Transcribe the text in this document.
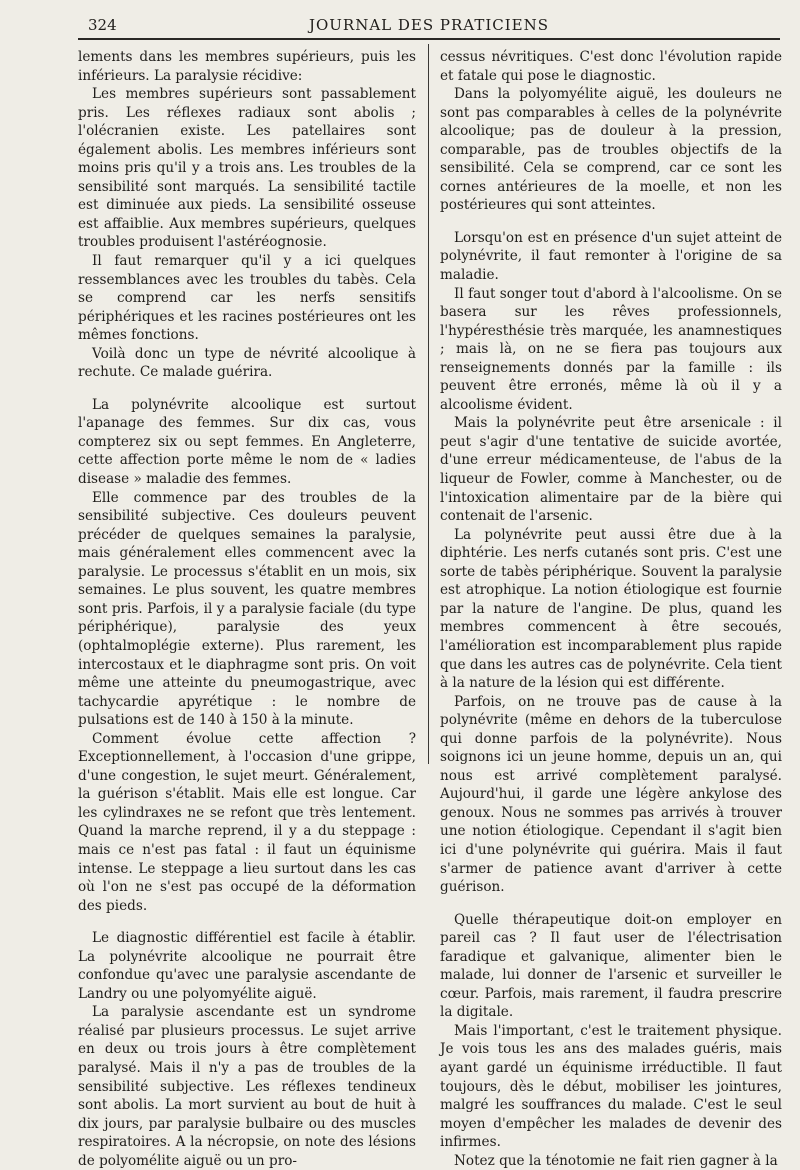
324	JOURNAL DES PRATICIENS

lements dans les membres supérieurs, puis les inférieurs. La paralysie récidive:

Les membres supérieurs sont passablement pris. Les réflexes radiaux sont abolis ; l'olécranien existe. Les patellaires sont également abolis. Les membres inférieurs sont moins pris qu'il y a trois ans. Les troubles de la sensibilité sont marqués. La sensibilité tactile est diminuée aux pieds. La sensibilité osseuse est affaiblie. Aux membres supérieurs, quelques troubles produisent l'astéréognosie.

Il faut remarquer qu'il y a ici quelques ressemblances avec les troubles du tabès. Cela se comprend car les nerfs sensitifs périphériques et les racines postérieures ont les mêmes fonctions.

Voilà donc un type de névrité alcoolique à rechute. Ce malade guérira.

La polynévrite alcoolique est surtout l'apanage des femmes. Sur dix cas, vous compterez six ou sept femmes. En Angleterre, cette affection porte même le nom de « ladies disease » maladie des femmes.

Elle commence par des troubles de la sensibilité subjective. Ces douleurs peuvent précéder de quelques semaines la paralysie, mais généralement elles commencent avec la paralysie. Le processus s'établit en un mois, six semaines. Le plus souvent, les quatre membres sont pris. Parfois, il y a paralysie faciale (du type périphérique), paralysie des yeux (ophtalmoplégie externe). Plus rarement, les intercostaux et le diaphragme sont pris. On voit même une atteinte du pneumogastrique, avec tachycardie apyrétique : le nombre de pulsations est de 140 à 150 à la minute.

Comment évolue cette affection ? Exceptionnellement, à l'occasion d'une grippe, d'une congestion, le sujet meurt. Généralement, la guérison s'établit. Mais elle est longue. Car les cylindraxes ne se refont que très lentement. Quand la marche reprend, il y a du steppage : mais ce n'est pas fatal : il faut un équinisme intense. Le steppage a lieu surtout dans les cas où l'on ne s'est pas occupé de la déformation des pieds.

Le diagnostic différentiel est facile à établir. La polynévrite alcoolique ne pourrait être confondue qu'avec une paralysie ascendante de Landry ou une polyomyélite aiguë.

La paralysie ascendante est un syndrome réalisé par plusieurs processus. Le sujet arrive en deux ou trois jours à être complètement paralysé. Mais il n'y a pas de troubles de la sensibilité subjective. Les réflexes tendineux sont abolis. La mort survient au bout de huit à dix jours, par paralysie bulbaire ou des muscles respiratoires. A la nécropsie, on note des lésions de polyomélite aiguë ou un pro-

cessus névritiques. C'est donc l'évolution rapide et fatale qui pose le diagnostic.

Dans la polyomyélite aiguë, les douleurs ne sont pas comparables à celles de la polynévrite alcoolique; pas de douleur à la pression, comparable, pas de troubles objectifs de la sensibilité. Cela se comprend, car ce sont les cornes antérieures de la moelle, et non les postérieures qui sont atteintes.

Lorsqu'on est en présence d'un sujet atteint de polynévrite, il faut remonter à l'origine de sa maladie.

Il faut songer tout d'abord à l'alcoolisme. On se basera sur les rêves professionnels, l'hypéresthésie très marquée, les anamnestiques ; mais là, on ne se fiera pas toujours aux renseignements donnés par la famille : ils peuvent être erronés, même là où il y a alcoolisme évident.

Mais la polynévrite peut être arsenicale : il peut s'agir d'une tentative de suicide avortée, d'une erreur médicamenteuse, de l'abus de la liqueur de Fowler, comme à Manchester, ou de l'intoxication alimentaire par de la bière qui contenait de l'arsenic.

La polynévrite peut aussi être due à la diphtérie. Les nerfs cutanés sont pris. C'est une sorte de tabès périphérique. Souvent la paralysie est atrophique. La notion étiologique est fournie par la nature de l'angine. De plus, quand les membres commencent à être secoués, l'amélioration est incomparablement plus rapide que dans les autres cas de polynévrite. Cela tient à la nature de la lésion qui est différente.

Parfois, on ne trouve pas de cause à la polynévrite (même en dehors de la tuberculose qui donne parfois de la polynévrite). Nous soignons ici un jeune homme, depuis un an, qui nous est arrivé complètement paralysé. Aujourd'hui, il garde une légère ankylose des genoux. Nous ne sommes pas arrivés à trouver une notion étiologique. Cependant il s'agit bien ici d'une polynévrite qui guérira. Mais il faut s'armer de patience avant d'arriver à cette guérison.

Quelle thérapeutique doit-on employer en pareil cas ? Il faut user de l'électrisation faradique et galvanique, alimenter bien le malade, lui donner de l'arsenic et surveiller le cœur. Parfois, mais rarement, il faudra prescrire la digitale.

Mais l'important, c'est le traitement physique. Je vois tous les ans des malades guéris, mais ayant gardé un équinisme irréductible. Il faut toujours, dès le début, mobiliser les jointures, malgré les souffrances du malade. C'est le seul moyen d'empêcher les malades de devenir des infirmes.

Notez que la ténotomie ne fait rien gagner à la
